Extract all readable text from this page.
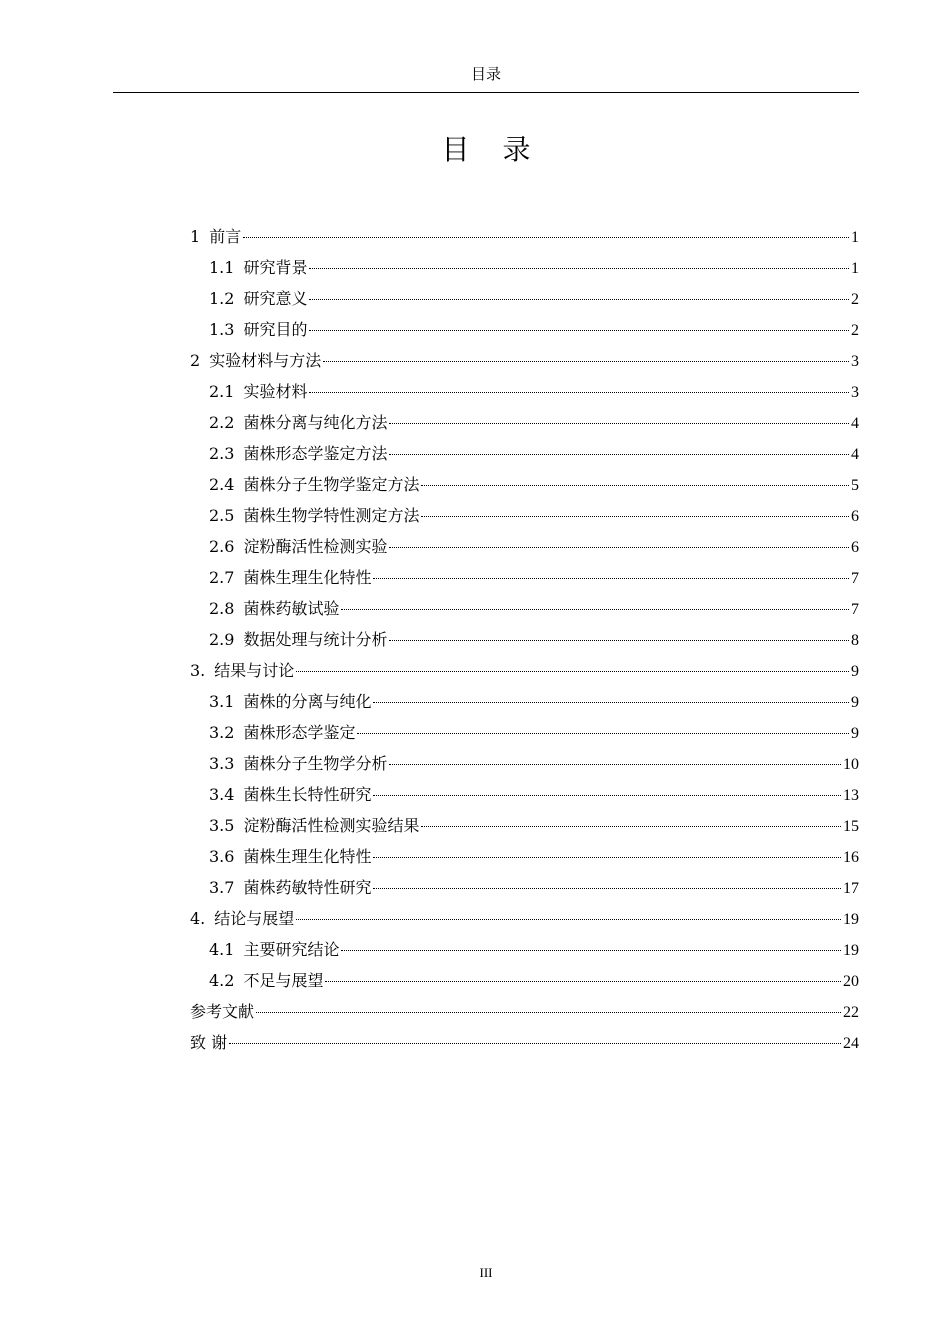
目录
目 录
1 前言	1
1.1 研究背景	1
1.2 研究意义	2
1.3 研究目的	2
2 实验材料与方法	3
2.1 实验材料	3
2.2 菌株分离与纯化方法	4
2.3 菌株形态学鉴定方法	4
2.4 菌株分子生物学鉴定方法	5
2.5 菌株生物学特性测定方法	6
2.6 淀粉酶活性检测实验	6
2.7 菌株生理生化特性	7
2.8 菌株药敏试验	7
2.9 数据处理与统计分析	8
3. 结果与讨论	9
3.1 菌株的分离与纯化	9
3.2 菌株形态学鉴定	9
3.3 菌株分子生物学分析	10
3.4 菌株生长特性研究	13
3.5 淀粉酶活性检测实验结果	15
3.6 菌株生理生化特性	16
3.7 菌株药敏特性研究	17
4. 结论与展望	19
4.1 主要研究结论	19
4.2 不足与展望	20
参考文献	22
致 谢	24
III
